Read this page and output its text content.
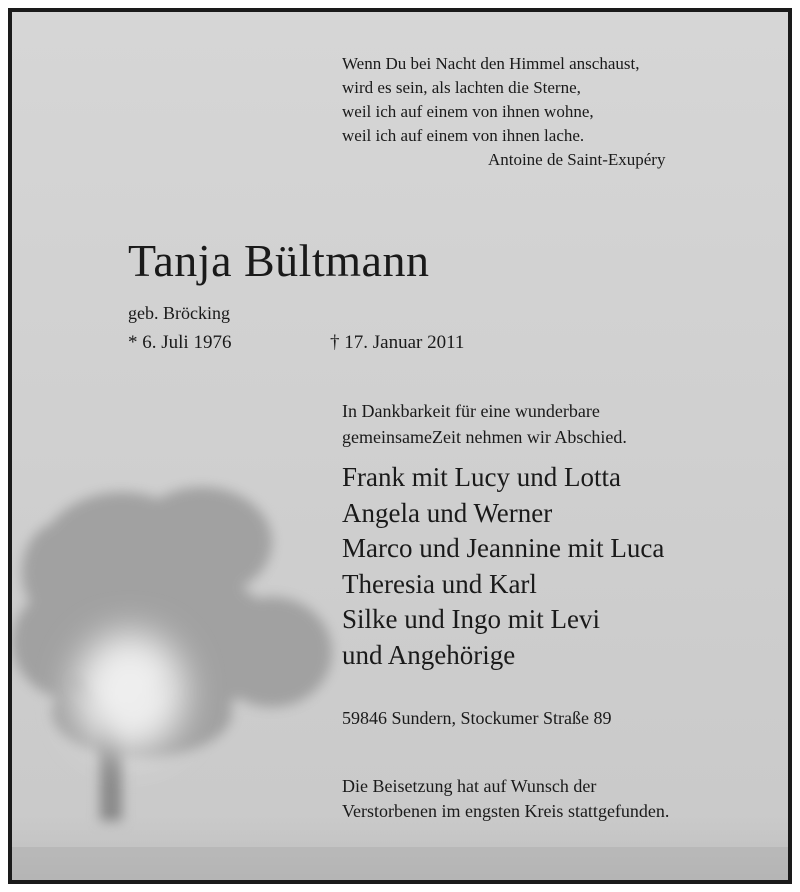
Wenn Du bei Nacht den Himmel anschaust,
wird es sein, als lachten die Sterne,
weil ich auf einem von ihnen wohne,
weil ich auf einem von ihnen lache.
Antoine de Saint-Exupéry
Tanja Bültmann
geb. Bröcking
* 6. Juli 1976	† 17. Januar 2011
In Dankbarkeit für eine wunderbare
gemeinsameZeit nehmen wir Abschied.
Frank mit Lucy und Lotta
Angela und Werner
Marco und Jeannine mit Luca
Theresia und Karl
Silke und Ingo mit Levi
und Angehörige
59846 Sundern, Stockumer Straße 89
Die Beisetzung hat auf Wunsch der
Verstorbenen im engsten Kreis stattgefunden.
